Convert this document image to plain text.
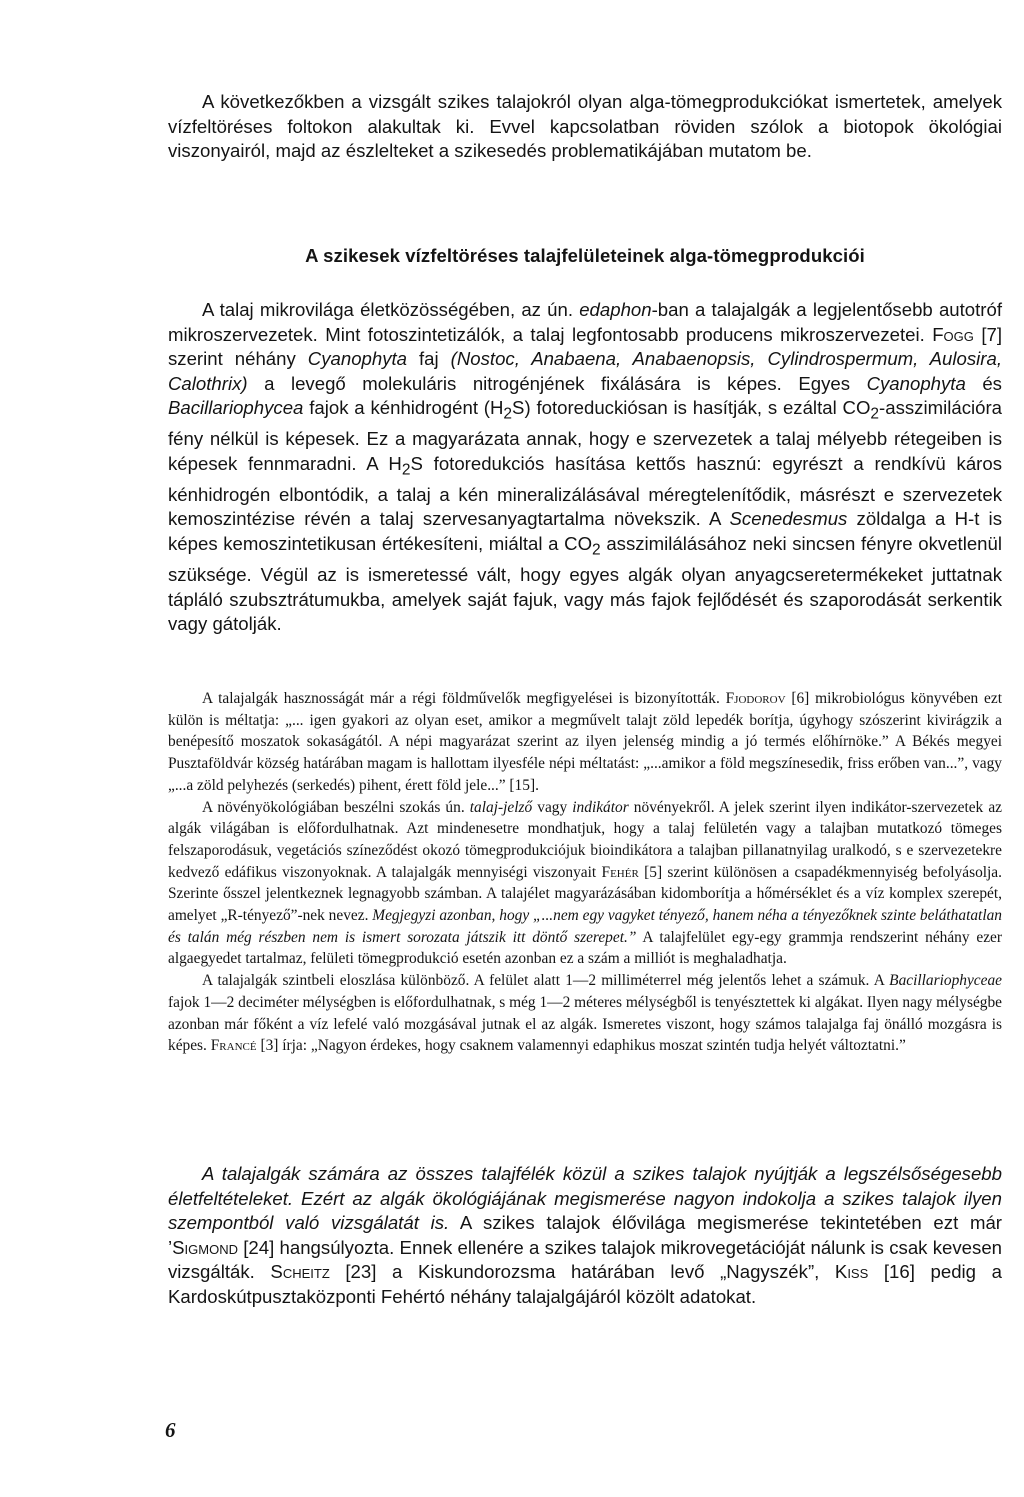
A következőkben a vizsgált szikes talajokról olyan alga-tömegprodukciókat ismertetek, amelyek vízfeltöréses foltokon alakultak ki. Evvel kapcsolatban röviden szólok a biotopok ökológiai viszonyairól, majd az észlelteket a szikesedés problematikájában mutatom be.

A szikesek vízfeltöréses talajfelületeinek alga-tömegprodukciói

A talaj mikrovilága életközösségében, az ún. edaphon-ban a talajalgák a legjelentősebb autotróf mikroszervezetek. Mint fotoszintetizálók, a talaj legfontosabb producens mikroszervezetei. Fogg [7] szerint néhány Cyanophyta faj (Nostoc, Anabaena, Anabaenopsis, Cylindrospermum, Aulosira, Calothrix) a levegő molekuláris nitrogénjének fixálására is képes. Egyes Cyanophyta és Bacillariophycea fajok a kénhidrogént $(H_2S)$ fotoreduckiósan is hasítják, s ezáltal $CO_2$-asszimilációra fény nélkül is képesek. Ez a magyarázata annak, hogy e szervezetek a talaj mélyebb rétegeiben is képesek fennmaradni. A $H_2S$ fotoredukciós hasítása kettős hasznú: egyrészt a rendkívü káros kénhidrogén elbontódik, a talaj a kén mineralizálásával méregtelenítődik, másrészt e szervezetek kemoszintézise révén a talaj szervesanyagtartalma növekszik. A Scenedesmus zöldalga a H-t is képes kemoszintetikusan értékesíteni, miáltal a $CO_2$ asszimilálásához neki sincsen fényre okvetlenül szüksége. Végül az is ismeretessé vált, hogy egyes algák olyan anyagcseretermékeket juttatnak tápláló szubsztrátumukba, amelyek saját fajuk, vagy más fajok fejlődését és szaporodását serkentik vagy gátolják.

A talajalgák hasznosságát már a régi földművelők megfigyelései is bizonyították. Fjodorov [6] mikrobiológus könyvében ezt külön is méltatja: „... igen gyakori az olyan eset, amikor a megművelt talajt zöld lepedék borítja, úgyhogy szószerint kivirágzik a benépesítő moszatok sokaságától. A népi magyarázat szerint az ilyen jelenség mindig a jó termés előhírnöke.” A Békés megyei Pusztaföldvár község határában magam is hallottam ilyesféle népi méltatást: „...amikor a föld megszínesedik, friss erőben van...”, vagy „...a zöld pelyhezés (serkedés) pihent, érett föld jele...” [15].

A növényökológiában beszélni szokás ún. talaj-jelző vagy indikátor növényekről. A jelek szerint ilyen indikátor-szervezetek az algák világában is előfordulhatnak. Azt mindenesetre mondhatjuk, hogy a talaj felületén vagy a talajban mutatkozó tömeges felszaporodásuk, vegetációs színeződést okozó tömegprodukciójuk bioindikátora a talajban pillanatnyilag uralkodó, s e szervezetekre kedvező edáfikus viszonyoknak. A talajalgák mennyiségi viszonyait Fehér [5] szerint különösen a csapadékmennyiség befolyásolja. Szerinte ősszel jelentkeznek legnagyobb számban. A talajélet magyarázásában kidomborítja a hőmérséklet és a víz komplex szerepét, amelyet „R-tényező”-nek nevez. Megjegyzi azonban, hogy „...nem egy vagyket tényező, hanem néha a tényezőknek szinte beláthatatlan és talán még részben nem is ismert sorozata játszik itt döntő szerepet.” A talajfelület egy-egy grammja rendszerint néhány ezer algaegyedet tartalmaz, felületi tömegprodukció esetén azonban ez a szám a milliót is meghaladhatja.

A talajalgák szintbeli eloszlása különböző. A felület alatt 1—2 milliméterrel még jelentős lehet a számuk. A Bacillariophyceae fajok 1—2 deciméter mélységben is előfordulhatnak, s még 1—2 méteres mélységből is tenyésztettek ki algákat. Ilyen nagy mélységbe azonban már főként a víz lefelé való mozgásával jutnak el az algák. Ismeretes viszont, hogy számos talajalga faj önálló mozgásra is képes. Francé [3] írja: „Nagyon érdekes, hogy csaknem valamennyi edaphikus moszat szintén tudja helyét változtatni.”

A talajalgák számára az összes talajfélék közül a szikes talajok nyújtják a legszélsőségesebb életfeltételeket. Ezért az algák ökológiájának megismerése nagyon indokolja a szikes talajok ilyen szempontból való vizsgálatát is. A szikes talajok élővilága megismerése tekintetében ezt már ’Sigmond [24] hangsúlyozta. Ennek ellenére a szikes talajok mikrovegetációját nálunk is csak kevesen vizsgálták. Scheitz [23] a Kiskundorozsma határában levő „Nagyszék”, Kiss [16] pedig a Kardoskútpusztaközponti Fehértó néhány talajalgájáról közölt adatokat.

6
